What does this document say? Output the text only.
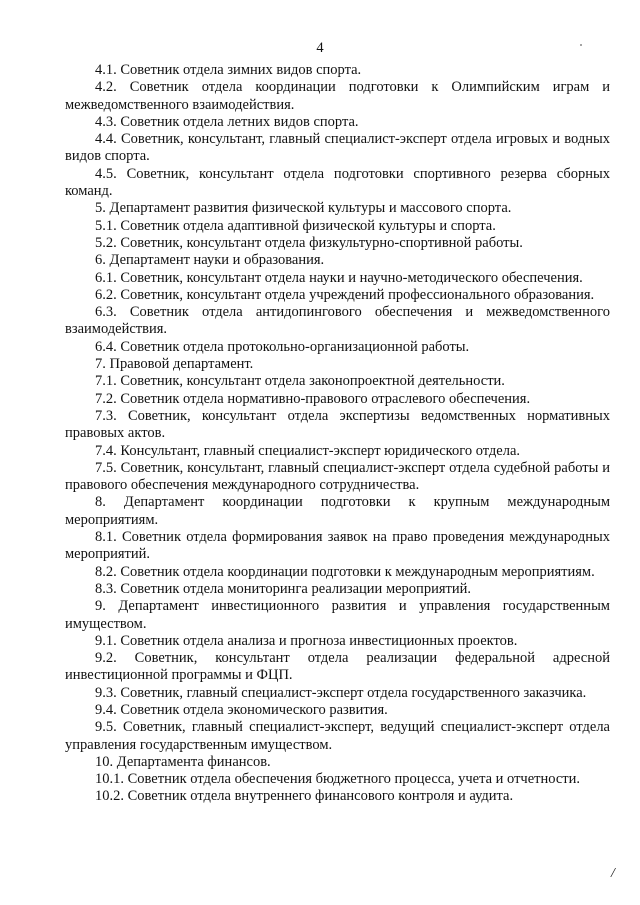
4

4.1. Советник отдела зимних видов спорта.

4.2. Советник отдела координации подготовки к Олимпийским играм и межведомственного взаимодействия.

4.3. Советник отдела летних видов спорта.

4.4. Советник, консультант, главный специалист-эксперт отдела игровых и водных видов спорта.

4.5. Советник, консультант отдела подготовки спортивного резерва сборных команд.

5. Департамент развития физической культуры и массового спорта.

5.1. Советник отдела адаптивной физической культуры и спорта.

5.2. Советник, консультант отдела физкультурно-спортивной работы.

6. Департамент науки и образования.

6.1. Советник, консультант отдела науки и научно-методического обеспечения.

6.2. Советник, консультант отдела учреждений профессионального образования.

6.3. Советник отдела антидопингового обеспечения и межведомственного взаимодействия.

6.4. Советник отдела протокольно-организационной работы.

7. Правовой департамент.

7.1. Советник, консультант отдела законопроектной деятельности.

7.2. Советник отдела нормативно-правового отраслевого обеспечения.

7.3. Советник, консультант отдела экспертизы ведомственных нормативных правовых актов.

7.4. Консультант, главный специалист-эксперт юридического отдела.

7.5. Советник, консультант, главный специалист-эксперт отдела судебной работы и правового обеспечения международного сотрудничества.

8. Департамент координации подготовки к крупным международным мероприятиям.

8.1. Советник отдела формирования заявок на право проведения международных мероприятий.

8.2. Советник отдела координации подготовки к международным мероприятиям.

8.3. Советник отдела мониторинга реализации мероприятий.

9. Департамент инвестиционного развития и управления государственным имуществом.

9.1. Советник отдела анализа и прогноза инвестиционных проектов.

9.2. Советник, консультант отдела реализации федеральной адресной инвестиционной программы и ФЦП.

9.3. Советник, главный специалист-эксперт отдела государственного заказчика.

9.4. Советник отдела экономического развития.

9.5. Советник, главный специалист-эксперт, ведущий специалист-эксперт отдела управления государственным имуществом.

10. Департамента финансов.

10.1. Советник отдела обеспечения бюджетного процесса, учета и отчетности.

10.2. Советник отдела внутреннего финансового контроля и аудита.

/
